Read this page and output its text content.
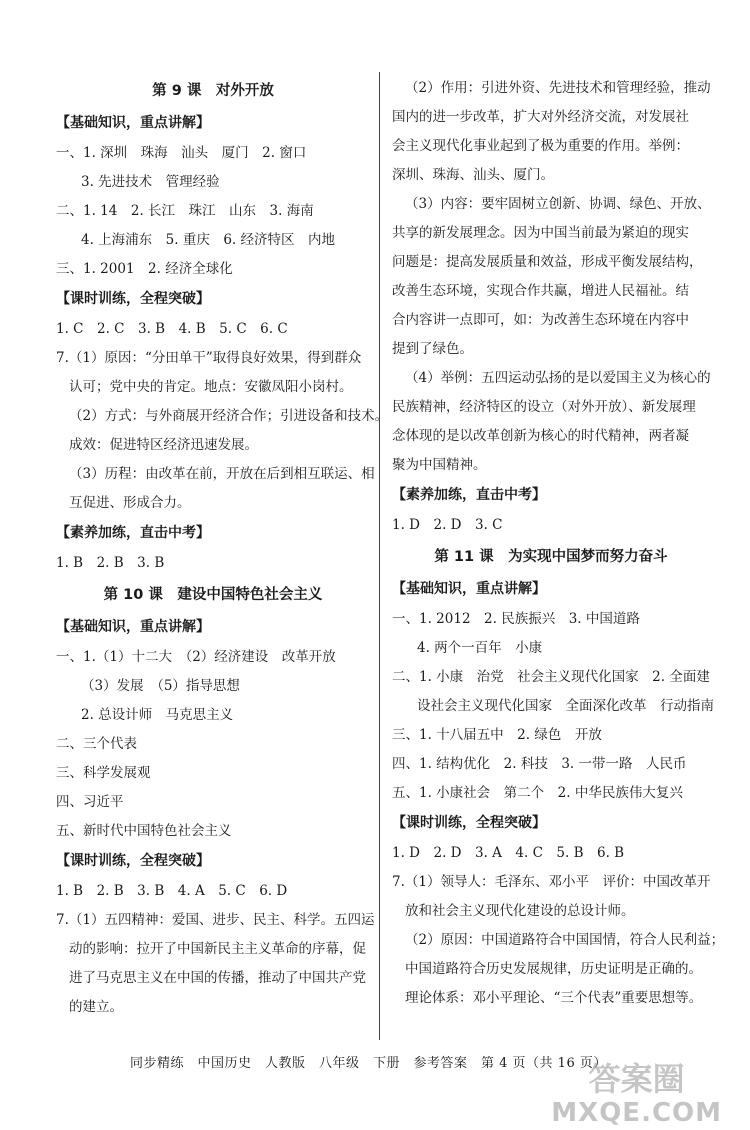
第 9 课　对外开放
【基础知识，重点讲解】
一、1. 深圳　珠海　汕头　厦门　2. 窗口
3. 先进技术　管理经验
二、1. 14　2. 长江　珠江　山东　3. 海南
4. 上海浦东　5. 重庆　6. 经济特区　内地
三、1. 2001　2. 经济全球化
【课时训练，全程突破】
1. C　2. C　3. B　4. B　5. C　6. C
7.（1）原因：“分田单干”取得良好效果，得到群众
认可；党中央的肯定。地点：安徽凤阳小岗村。
（2）方式：与外商展开经济合作；引进设备和技术。
成效：促进特区经济迅速发展。
（3）历程：由改革在前，开放在后到相互联运、相
互促进、形成合力。
【素养加练，直击中考】
1. B　2. B　3. B
第 10 课　建设中国特色社会主义
【基础知识，重点讲解】
一、1.（1）十二大　（2）经济建设　改革开放
（3）发展　（5）指导思想
2. 总设计师　马克思主义
二、三个代表
三、科学发展观
四、习近平
五、新时代中国特色社会主义
【课时训练，全程突破】
1. B　2. B　3. B　4. A　5. C　6. D
7.（1）五四精神：爱国、进步、民主、科学。五四运
动的影响：拉开了中国新民主主义革命的序幕，促
进了马克思主义在中国的传播，推动了中国共产党
的建立。
（2）作用：引进外资、先进技术和管理经验，推动
国内的进一步改革，扩大对外经济交流，对发展社
会主义现代化事业起到了极为重要的作用。举例：
深圳、珠海、汕头、厦门。
（3）内容：要牢固树立创新、协调、绿色、开放、
共享的新发展理念。因为中国当前最为紧迫的现实
问题是：提高发展质量和效益，形成平衡发展结构，
改善生态环境，实现合作共赢，增进人民福祉。结
合内容讲一点即可，如：为改善生态环境在内容中
提到了绿色。
（4）举例：五四运动弘扬的是以爱国主义为核心的
民族精神，经济特区的设立（对外开放）、新发展理
念体现的是以改革创新为核心的时代精神，两者凝
聚为中国精神。
【素养加练，直击中考】
1. D　2. D　3. C
第 11 课　为实现中国梦而努力奋斗
【基础知识，重点讲解】
一、1. 2012　2. 民族振兴　3. 中国道路
4. 两个一百年　小康
二、1. 小康　治党　社会主义现代化国家　2. 全面建
设社会主义现代化国家　全面深化改革　行动指南
三、1. 十八届五中　2. 绿色　开放
四、1. 结构优化　2. 科技　3. 一带一路　人民币
五、1. 小康社会　第二个　2. 中华民族伟大复兴
【课时训练，全程突破】
1. D　2. D　3. A　4. C　5. B　6. B
7.（1）领导人：毛泽东、邓小平　评价：中国改革开
放和社会主义现代化建设的总设计师。
（2）原因：中国道路符合中国国情，符合人民利益；
中国道路符合历史发展规律，历史证明是正确的。
理论体系：邓小平理论、“三个代表”重要思想等。
同步精练　中国历史　人教版　八年级　下册　参考答案　第 4 页（共 16 页）
答案圈
MXQE.COM
